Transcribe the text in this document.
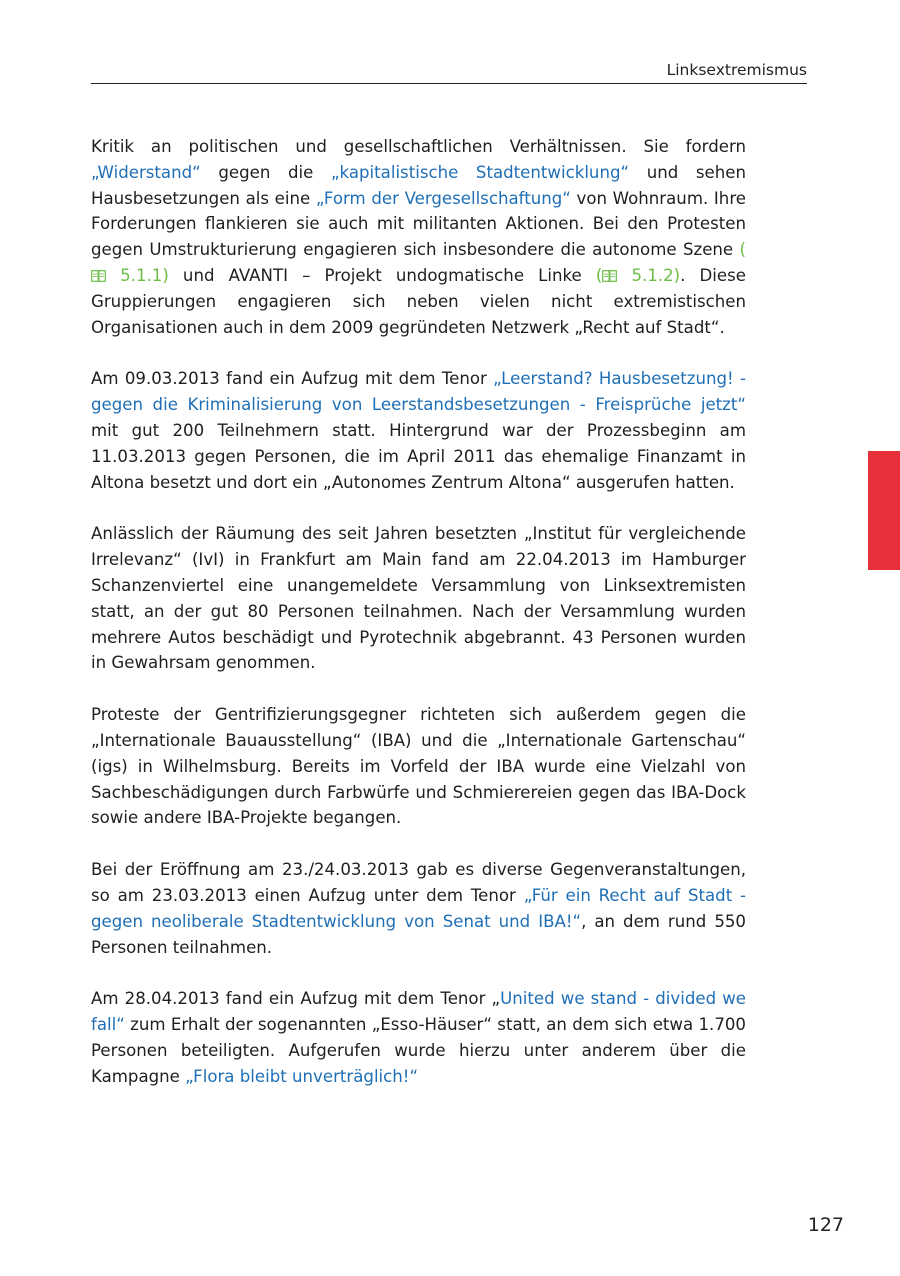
Linksextremismus

Kritik an politischen und gesellschaftlichen Verhältnissen. Sie fordern „Widerstand“ gegen die „kapitalistische Stadtentwicklung“ und sehen Hausbesetzungen als eine „Form der Vergesellschaftung“ von Wohnraum. Ihre Forderungen flankieren sie auch mit militanten Aktionen. Bei den Protesten gegen Umstrukturierung engagieren sich insbesondere die autonome Szene ( 5.1.1) und AVANTI – Projekt undogmatische Linke ( 5.1.2). Diese Gruppierungen engagieren sich neben vielen nicht extremistischen Organisationen auch in dem 2009 gegründeten Netzwerk „Recht auf Stadt“.

Am 09.03.2013 fand ein Aufzug mit dem Tenor „Leerstand? Hausbesetzung! - gegen die Kriminalisierung von Leerstandsbesetzungen - Freisprüche jetzt“ mit gut 200 Teilnehmern statt. Hintergrund war der Prozessbeginn am 11.03.2013 gegen Personen, die im April 2011 das ehemalige Finanzamt in Altona besetzt und dort ein „Autonomes Zentrum Altona“ ausgerufen hatten.

Anlässlich der Räumung des seit Jahren besetzten „Institut für vergleichende Irrelevanz“ (IvI) in Frankfurt am Main fand am 22.04.2013 im Hamburger Schanzenviertel eine unangemeldete Versammlung von Linksextremisten statt, an der gut 80 Personen teilnahmen. Nach der Versammlung wurden mehrere Autos beschädigt und Pyrotechnik abgebrannt. 43 Personen wurden in Gewahrsam genommen.

Proteste der Gentrifizierungsgegner richteten sich außerdem gegen die „Internationale Bauausstellung“ (IBA) und die „Internationale Gartenschau“ (igs) in Wilhelmsburg. Bereits im Vorfeld der IBA wurde eine Vielzahl von Sachbeschädigungen durch Farbwürfe und Schmierereien gegen das IBA-Dock sowie andere IBA-Projekte begangen.

Bei der Eröffnung am 23./24.03.2013 gab es diverse Gegenveranstaltungen, so am 23.03.2013 einen Aufzug unter dem Tenor „Für ein Recht auf Stadt - gegen neoliberale Stadtentwicklung von Senat und IBA!“, an dem rund 550 Personen teilnahmen.

Am 28.04.2013 fand ein Aufzug mit dem Tenor „United we stand - divided we fall“ zum Erhalt der sogenannten „Esso-Häuser“ statt, an dem sich etwa 1.700 Personen beteiligten. Aufgerufen wurde hierzu unter anderem über die Kampagne „Flora bleibt unverträglich!“

127
